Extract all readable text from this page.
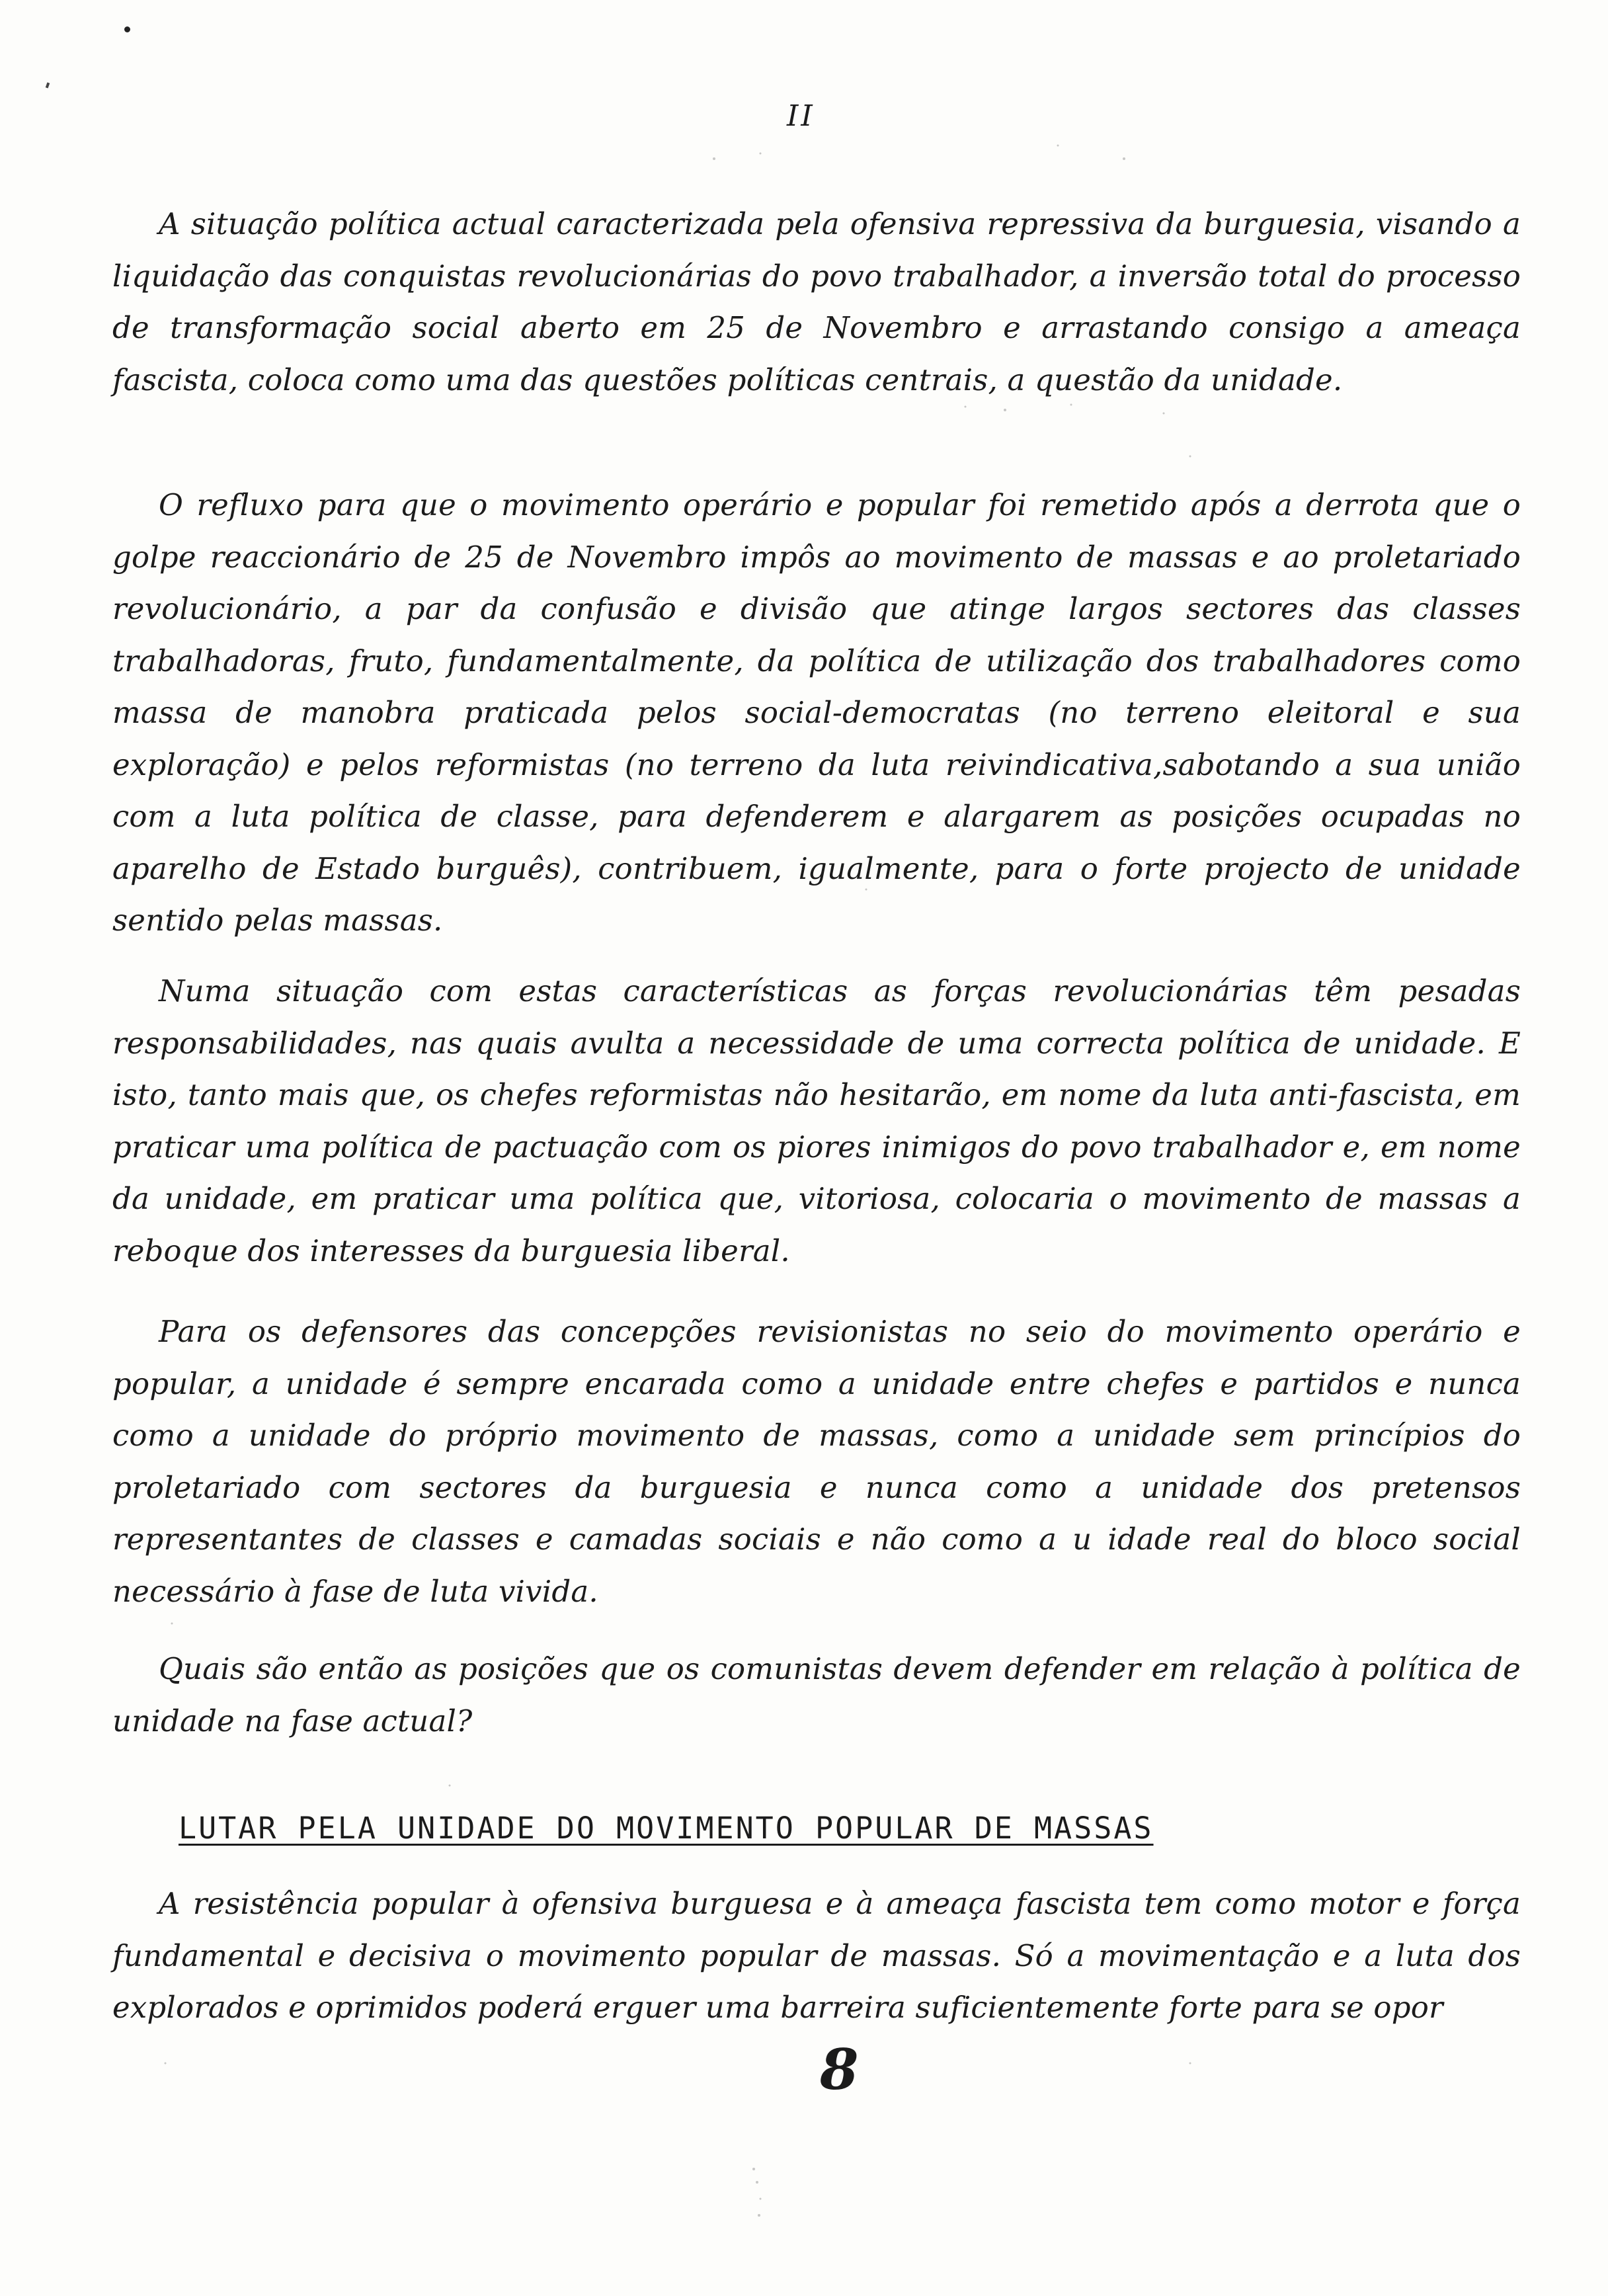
II

A situação política actual caracterizada pela ofensiva repressiva da burguesia, visando a liquidação das conquistas revolucionárias do povo trabalhador, a inversão total do processo de transformação social aberto em 25 de Novembro e arrastando consigo a ameaça fascista, coloca como uma das questões políticas centrais, a questão da unidade.

O refluxo para que o movimento operário e popular foi remetido após a derrota que o golpe reaccionário de 25 de Novembro impôs ao movimento de massas e ao proletariado revolucionário, a par da confusão e divisão que atinge largos sectores das classes trabalhadoras, fruto, fundamentalmente, da política de utilização dos trabalhadores como massa de manobra praticada pelos social-democratas (no terreno eleitoral e sua exploração) e pelos reformistas (no terreno da luta reivindicativa,sabotando a sua união com a luta política de classe, para defenderem e alargarem as posições ocupadas no aparelho de Estado burguês), contribuem, igualmente, para o forte projecto de unidade sentido pelas massas.

Numa situação com estas características as forças revolucionárias têm pesadas responsabilidades, nas quais avulta a necessidade de uma correcta política de unidade. E isto, tanto mais que, os chefes reformistas não hesitarão, em nome da luta anti-fascista, em praticar uma política de pactuação com os piores inimigos do povo trabalhador e, em nome da unidade, em praticar uma política que, vitoriosa, colocaria o movimento de massas a reboque dos interesses da burguesia liberal.

Para os defensores das concepções revisionistas no seio do movimento operário e popular, a unidade é sempre encarada como a unidade entre chefes e partidos e nunca como a unidade do próprio movimento de massas, como a unidade sem princípios do proletariado com sectores da burguesia e nunca como a unidade dos pretensos representantes de classes e camadas sociais e não como a u idade real do bloco social necessário à fase de luta vivida.

Quais são então as posições que os comunistas devem defender em relação à política de unidade na fase actual?

LUTAR PELA UNIDADE DO MOVIMENTO POPULAR DE MASSAS

A resistência popular à ofensiva burguesa e à ameaça fascista tem como motor e força fundamental e decisiva o movimento popular de massas. Só a movimentação e a luta dos explorados e oprimidos poderá erguer uma barreira suficientemente forte para se opor

8
